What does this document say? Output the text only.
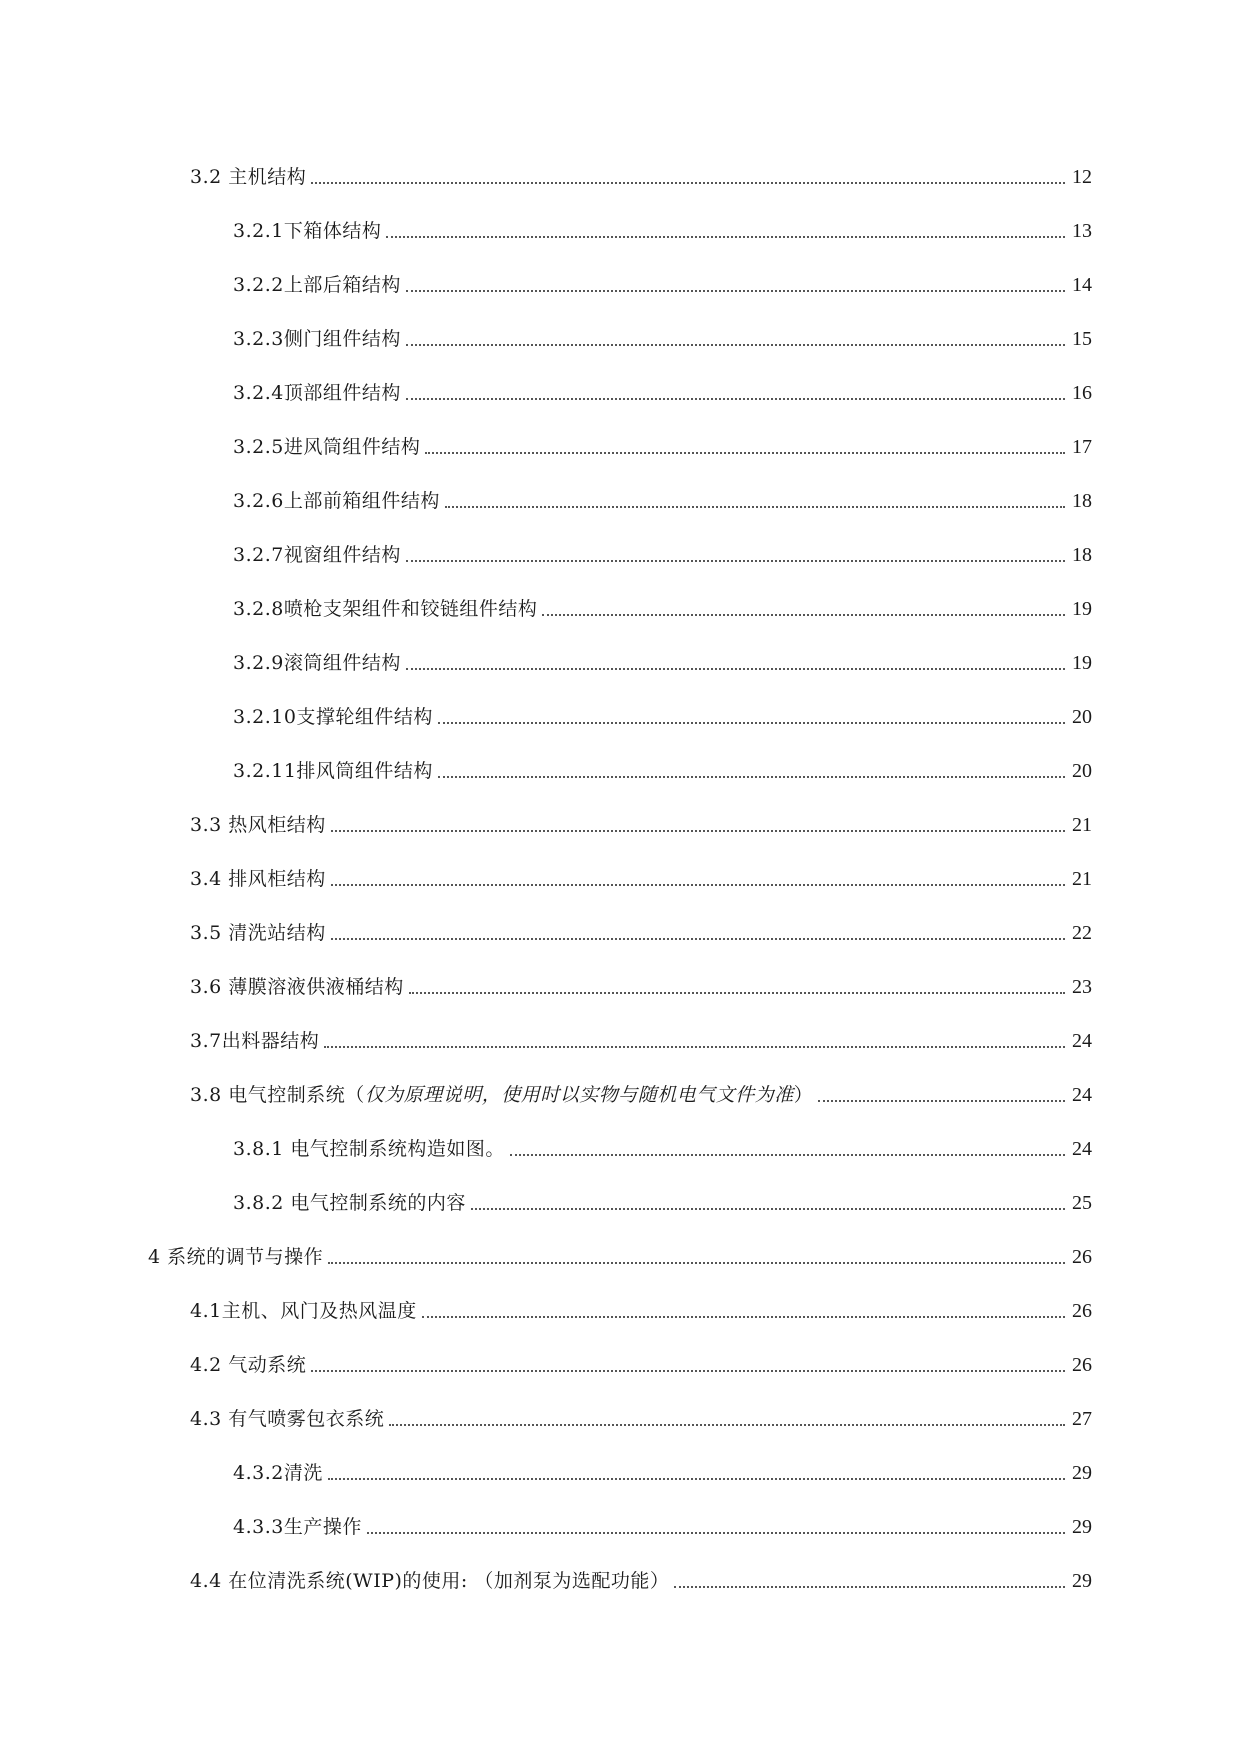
3.2 主机结构	12
3.2.1下箱体结构	13
3.2.2上部后箱结构	14
3.2.3侧门组件结构	15
3.2.4顶部组件结构	16
3.2.5进风筒组件结构	17
3.2.6上部前箱组件结构	18
3.2.7视窗组件结构	18
3.2.8喷枪支架组件和铰链组件结构	19
3.2.9滚筒组件结构	19
3.2.10支撑轮组件结构	20
3.2.11排风筒组件结构	20
3.3 热风柜结构	21
3.4 排风柜结构	21
3.5 清洗站结构	22
3.6 薄膜溶液供液桶结构	23
3.7出料器结构	24
3.8 电气控制系统（仅为原理说明，使用时以实物与随机电气文件为准）	24
3.8.1 电气控制系统构造如图。	24
3.8.2 电气控制系统的内容	25
4 系统的调节与操作	26
4.1主机、风门及热风温度	26
4.2 气动系统	26
4.3 有气喷雾包衣系统	27
4.3.2清洗	29
4.3.3生产操作	29
4.4 在位清洗系统(WIP)的使用: （加剂泵为选配功能）	29
